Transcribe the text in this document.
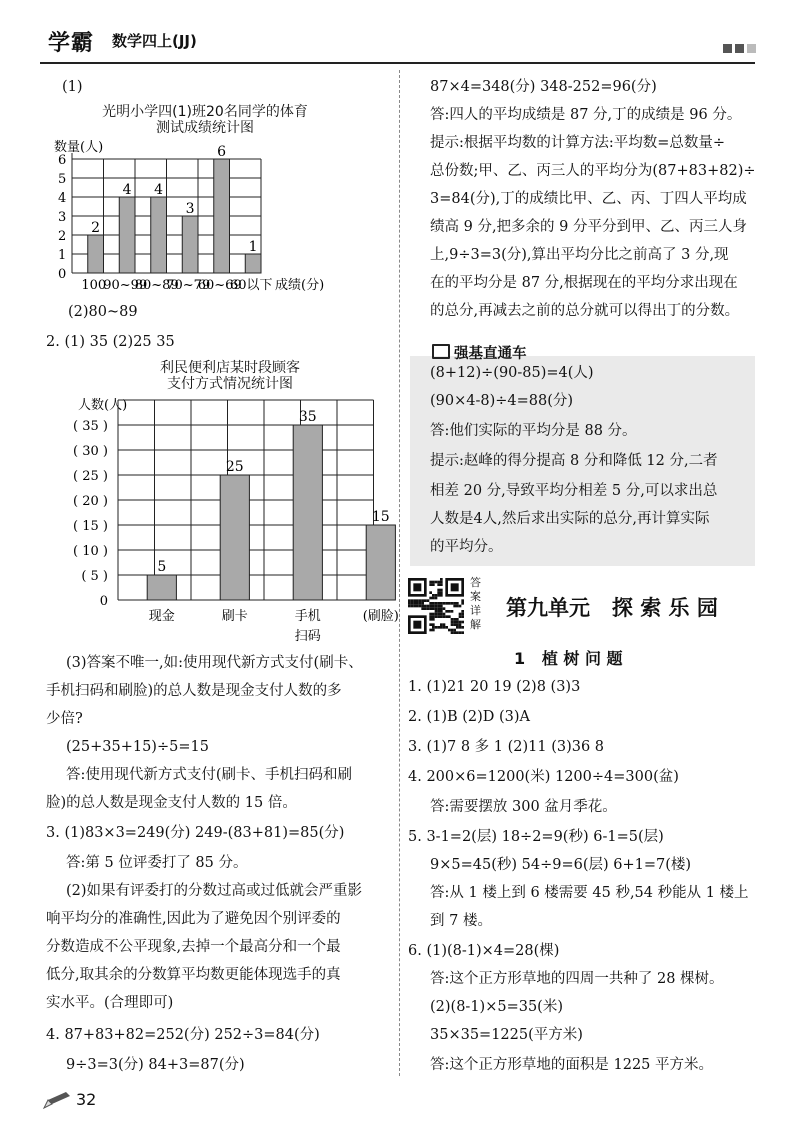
学霸 数学四上(JJ)
(1)
光明小学四(1)班20名同学的体育
测试成绩统计图
数量(人)
0
1
2
3
4
5
6
2
100
4
90~99
4
80~89
3
70~79
6
60~69
1
60以下 成绩(分)
(2)80~89
2. (1) 35 (2)25 35
利民便利店某时段顾客
支付方式情况统计图
人数(人)
0
( 5 )
( 10 )
( 15 )
( 20 )
( 25 )
( 30 )
( 35 )
5
现金
25
刷卡
35
手机
扫码
15
(刷脸)
(3)答案不唯一,如:使用现代新方式支付(刷卡、
手机扫码和刷脸)的总人数是现金支付人数的多
少倍?
(25+35+15)÷5=15
答:使用现代新方式支付(刷卡、手机扫码和刷
脸)的总人数是现金支付人数的 15 倍。
3. (1)83×3=249(分) 249-(83+81)=85(分)
答:第 5 位评委打了 85 分。
(2)如果有评委打的分数过高或过低就会严重影
响平均分的准确性,因此为了避免因个别评委的
分数造成不公平现象,去掉一个最高分和一个最
低分,取其余的分数算平均数更能体现选手的真
实水平。(合理即可)
4. 87+83+82=252(分) 252÷3=84(分)
9÷3=3(分) 84+3=87(分)
87×4=348(分) 348-252=96(分)
答:四人的平均成绩是 87 分,丁的成绩是 96 分。
提示:根据平均数的计算方法:平均数=总数量÷
总份数;甲、乙、丙三人的平均分为(87+83+82)÷
3=84(分),丁的成绩比甲、乙、丙、丁四人平均成
绩高 9 分,把多余的 9 分平分到甲、乙、丙三人身
上,9÷3=3(分),算出平均分比之前高了 3 分,现
在的平均分是 87 分,根据现在的平均分求出现在
的总分,再减去之前的总分就可以得出丁的分数。
强基直通车
(8+12)÷(90-85)=4(人)
(90×4-8)÷4=88(分)
答:他们实际的平均分是 88 分。
提示:赵峰的得分提高 8 分和降低 12 分,二者
相差 20 分,导致平均分相差 5 分,可以求出总
人数是4人,然后求出实际的总分,再计算实际
的平均分。
答案详解
第九单元   探 索 乐 园
1   植 树 问 题
1. (1)21 20 19 (2)8 (3)3
2. (1)B (2)D (3)A
3. (1)7 8 多 1 (2)11 (3)36 8
4. 200×6=1200(米) 1200÷4=300(盆)
答:需要摆放 300 盆月季花。
5. 3-1=2(层) 18÷2=9(秒) 6-1=5(层)
9×5=45(秒) 54÷9=6(层) 6+1=7(楼)
答:从 1 楼上到 6 楼需要 45 秒,54 秒能从 1 楼上
到 7 楼。
6. (1)(8-1)×4=28(棵)
答:这个正方形草地的四周一共种了 28 棵树。
(2)(8-1)×5=35(米)
35×35=1225(平方米)
答:这个正方形草地的面积是 1225 平方米。
32
